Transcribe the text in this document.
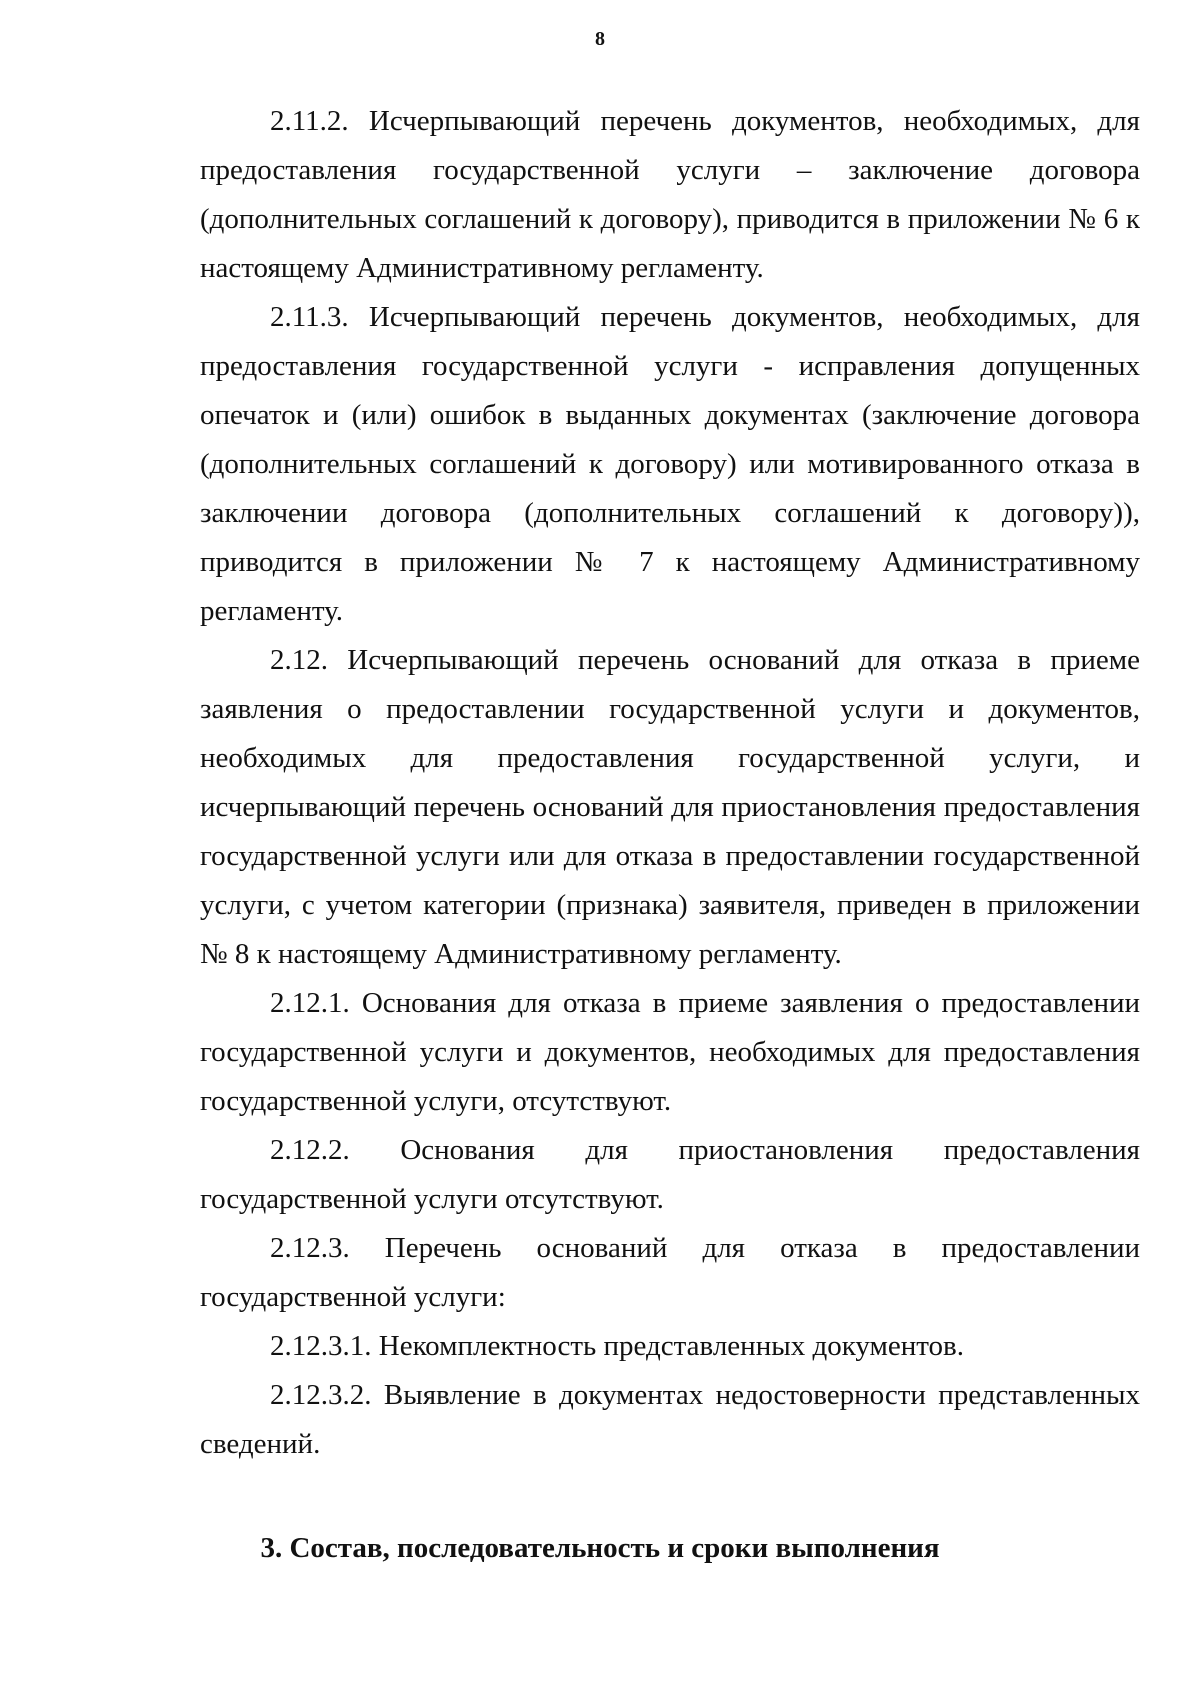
8

2.11.2. Исчерпывающий перечень документов, необходимых, для предоставления государственной услуги – заключение договора (дополнительных соглашений к договору), приводится в приложении № 6 к настоящему Административному регламенту.

2.11.3. Исчерпывающий перечень документов, необходимых, для предоставления государственной услуги - исправления допущенных опечаток и (или) ошибок в выданных документах (заключение договора (дополнительных соглашений к договору) или мотивированного отказа в заключении договора (дополнительных соглашений к договору)), приводится в приложении № 7 к настоящему Административному регламенту.

2.12. Исчерпывающий перечень оснований для отказа в приеме заявления о предоставлении государственной услуги и документов, необходимых для предоставления государственной услуги, и исчерпывающий перечень оснований для приостановления предоставления государственной услуги или для отказа в предоставлении государственной услуги, с учетом категории (признака) заявителя, приведен в приложении № 8 к настоящему Административному регламенту.

2.12.1. Основания для отказа в приеме заявления о предоставлении государственной услуги и документов, необходимых для предоставления государственной услуги, отсутствуют.

2.12.2. Основания для приостановления предоставления государственной услуги отсутствуют.

2.12.3. Перечень оснований для отказа в предоставлении государственной услуги:

2.12.3.1. Некомплектность представленных документов.

2.12.3.2. Выявление в документах недостоверности представленных сведений.

3. Состав, последовательность и сроки выполнения
